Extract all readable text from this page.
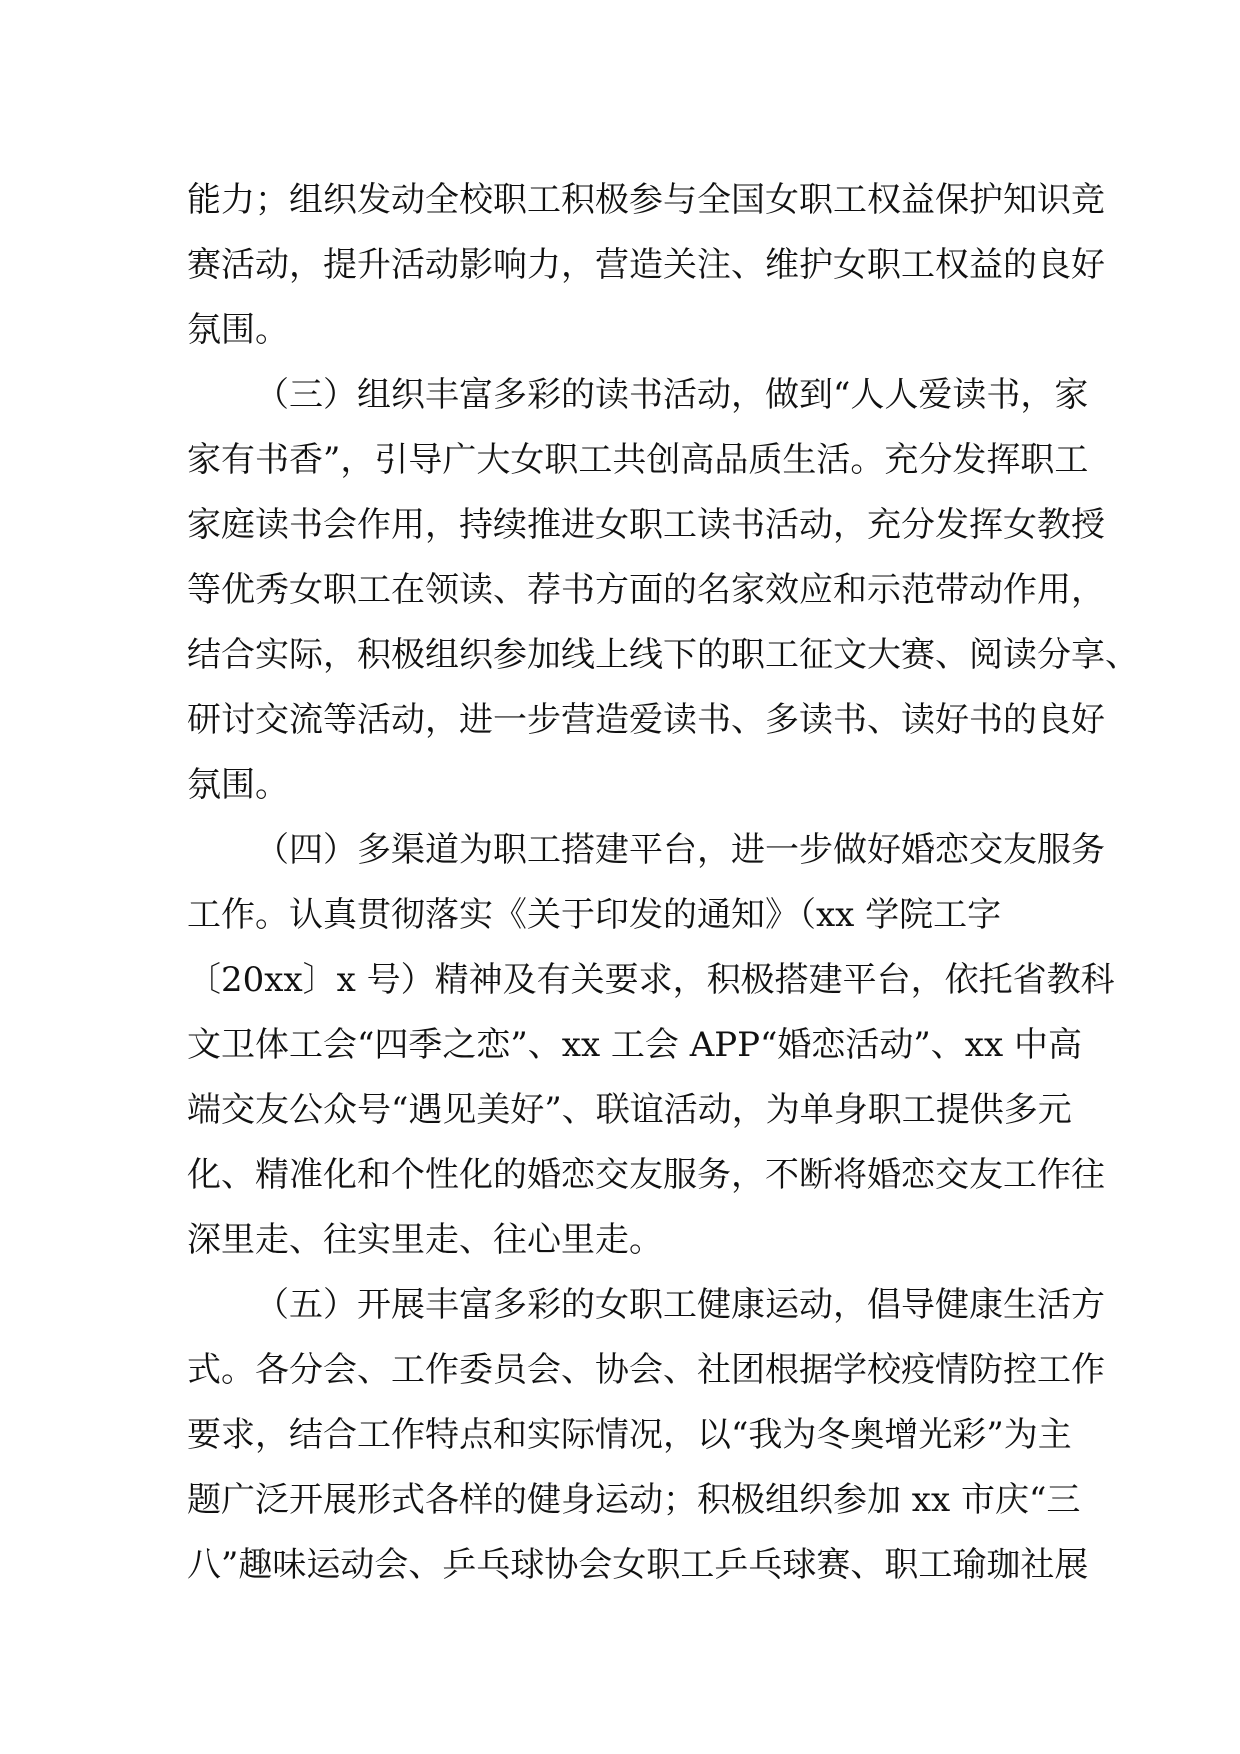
能力；组织发动全校职工积极参与全国女职工权益保护知识竞
赛活动，提升活动影响力，营造关注、维护女职工权益的良好
氛围。
（三）组织丰富多彩的读书活动，做到“人人爱读书，家
家有书香”，引导广大女职工共创高品质生活。充分发挥职工
家庭读书会作用，持续推进女职工读书活动，充分发挥女教授
等优秀女职工在领读、荐书方面的名家效应和示范带动作用，
结合实际，积极组织参加线上线下的职工征文大赛、阅读分享、
研讨交流等活动，进一步营造爱读书、多读书、读好书的良好
氛围。
（四）多渠道为职工搭建平台，进一步做好婚恋交友服务
工作。认真贯彻落实《关于印发的通知》（xx 学院工字
〔20xx〕x 号）精神及有关要求，积极搭建平台，依托省教科
文卫体工会“四季之恋”、xx 工会 APP“婚恋活动”、xx 中高
端交友公众号“遇见美好”、联谊活动，为单身职工提供多元
化、精准化和个性化的婚恋交友服务，不断将婚恋交友工作往
深里走、往实里走、往心里走。
（五）开展丰富多彩的女职工健康运动，倡导健康生活方
式。各分会、工作委员会、协会、社团根据学校疫情防控工作
要求，结合工作特点和实际情况，以“我为冬奥增光彩”为主
题广泛开展形式各样的健身运动；积极组织参加 xx 市庆“三
八”趣味运动会、乒乓球协会女职工乒乓球赛、职工瑜珈社展
